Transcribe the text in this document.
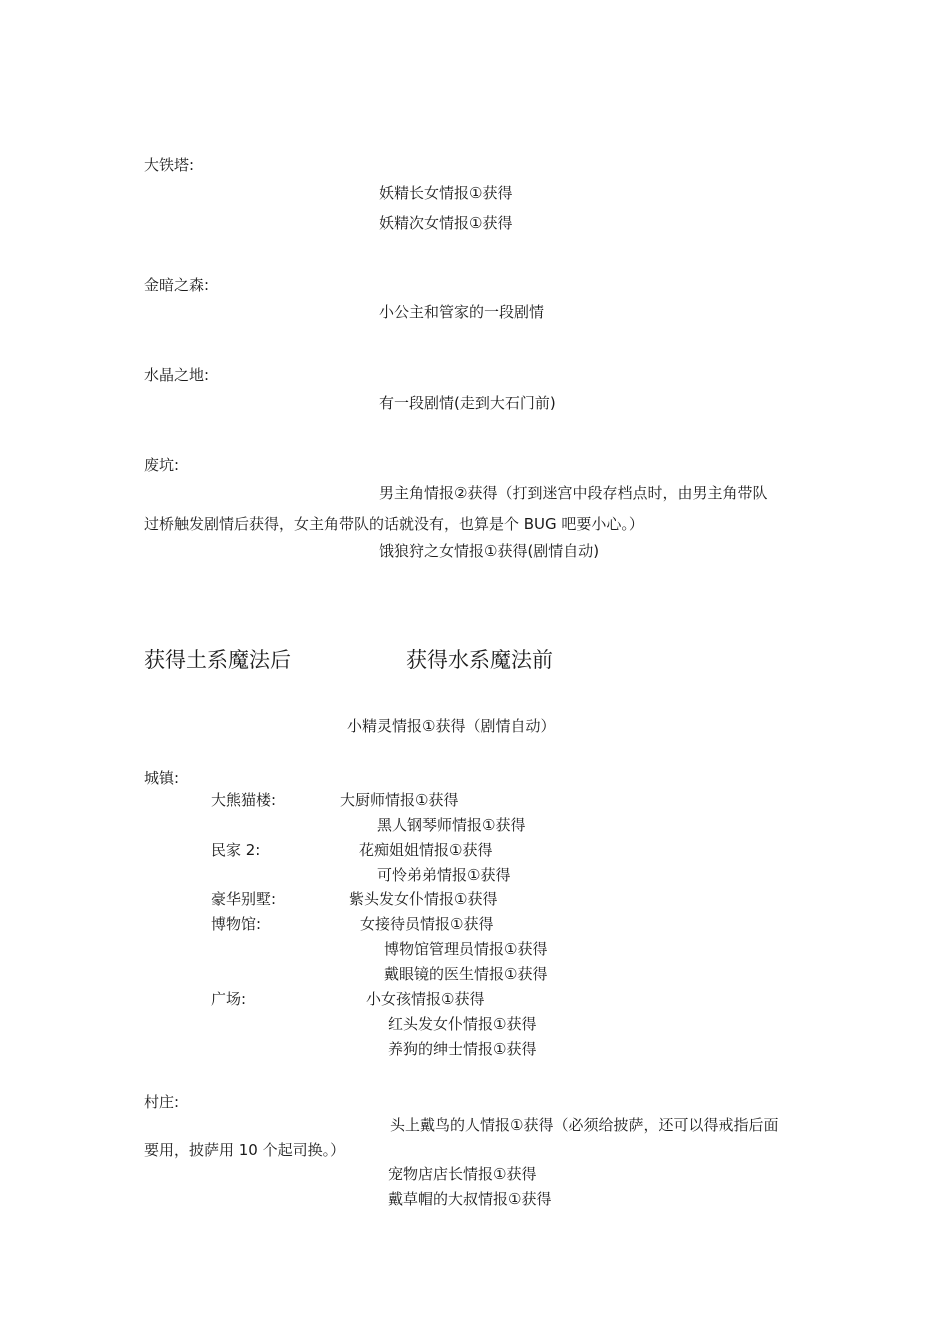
大铁塔:
妖精长女情报①获得
妖精次女情报①获得
金暗之森:
小公主和管家的一段剧情
水晶之地:
有一段剧情(走到大石门前)
废坑:
男主角情报②获得（打到迷宫中段存档点时，由男主角带队
过桥触发剧情后获得，女主角带队的话就没有，也算是个 BUG 吧要小心。）
饿狼狩之女情报①获得(剧情自动)
获得土系魔法后	获得水系魔法前
小精灵情报①获得（剧情自动）
城镇:
大熊猫楼:	大厨师情报①获得
黑人钢琴师情报①获得
民家 2:	花痴姐姐情报①获得
可怜弟弟情报①获得
豪华别墅:	紫头发女仆情报①获得
博物馆:	女接待员情报①获得
博物馆管理员情报①获得
戴眼镜的医生情报①获得
广场:	小女孩情报①获得
红头发女仆情报①获得
养狗的绅士情报①获得
村庄:
头上戴鸟的人情报①获得（必须给披萨，还可以得戒指后面
要用，披萨用 10 个起司换。）
宠物店店长情报①获得
戴草帽的大叔情报①获得
